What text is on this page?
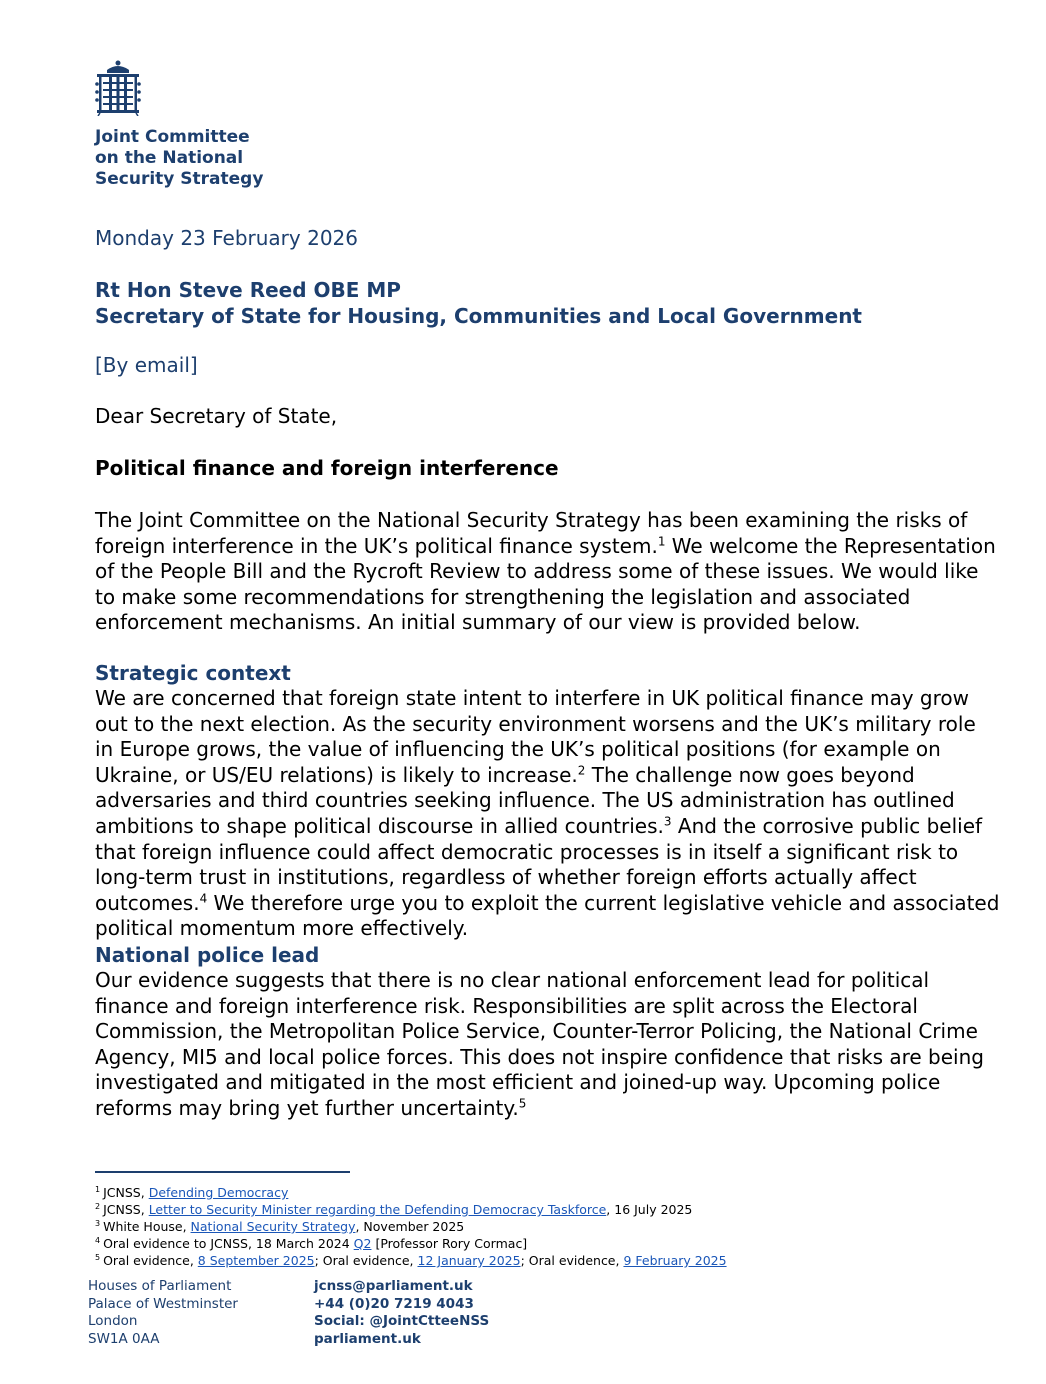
Joint Committee
on the National
Security Strategy
Monday 23 February 2026
Rt Hon Steve Reed OBE MP
Secretary of State for Housing, Communities and Local Government
[By email]
Dear Secretary of State,
Political finance and foreign interference

The Joint Committee on the National Security Strategy has been examining the risks of foreign interference in the UK’s political finance system.$^1$ We welcome the Representation of the People Bill and the Rycroft Review to address some of these issues. We would like to make some recommendations for strengthening the legislation and associated enforcement mechanisms. An initial summary of our view is provided below.

Strategic context

We are concerned that foreign state intent to interfere in UK political finance may grow out to the next election. As the security environment worsens and the UK’s military role in Europe grows, the value of influencing the UK’s political positions (for example on Ukraine, or US/EU relations) is likely to increase.$^2$ The challenge now goes beyond adversaries and third countries seeking influence. The US administration has outlined ambitions to shape political discourse in allied countries.$^3$ And the corrosive public belief that foreign influence could affect democratic processes is in itself a significant risk to long-term trust in institutions, regardless of whether foreign efforts actually affect outcomes.$^4$ We therefore urge you to exploit the current legislative vehicle and associated political momentum more effectively.

National police lead

Our evidence suggests that there is no clear national enforcement lead for political finance and foreign interference risk. Responsibilities are split across the Electoral Commission, the Metropolitan Police Service, Counter-Terror Policing, the National Crime Agency, MI5 and local police forces. This does not inspire confidence that risks are being investigated and mitigated in the most efficient and joined-up way. Upcoming police reforms may bring yet further uncertainty.$^5$

$^1$ JCNSS, Defending Democracy
$^2$ JCNSS, Letter to Security Minister regarding the Defending Democracy Taskforce, 16 July 2025
$^3$ White House, National Security Strategy, November 2025
$^4$ Oral evidence to JCNSS, 18 March 2024 Q2 [Professor Rory Cormac]
$^5$ Oral evidence, 8 September 2025; Oral evidence, 12 January 2025; Oral evidence, 9 February 2025
Houses of Parliament
Palace of Westminster
London
SW1A 0AA
jcnss@parliament.uk
+44 (0)20 7219 4043
Social: @JointCtteeNSS
parliament.uk
